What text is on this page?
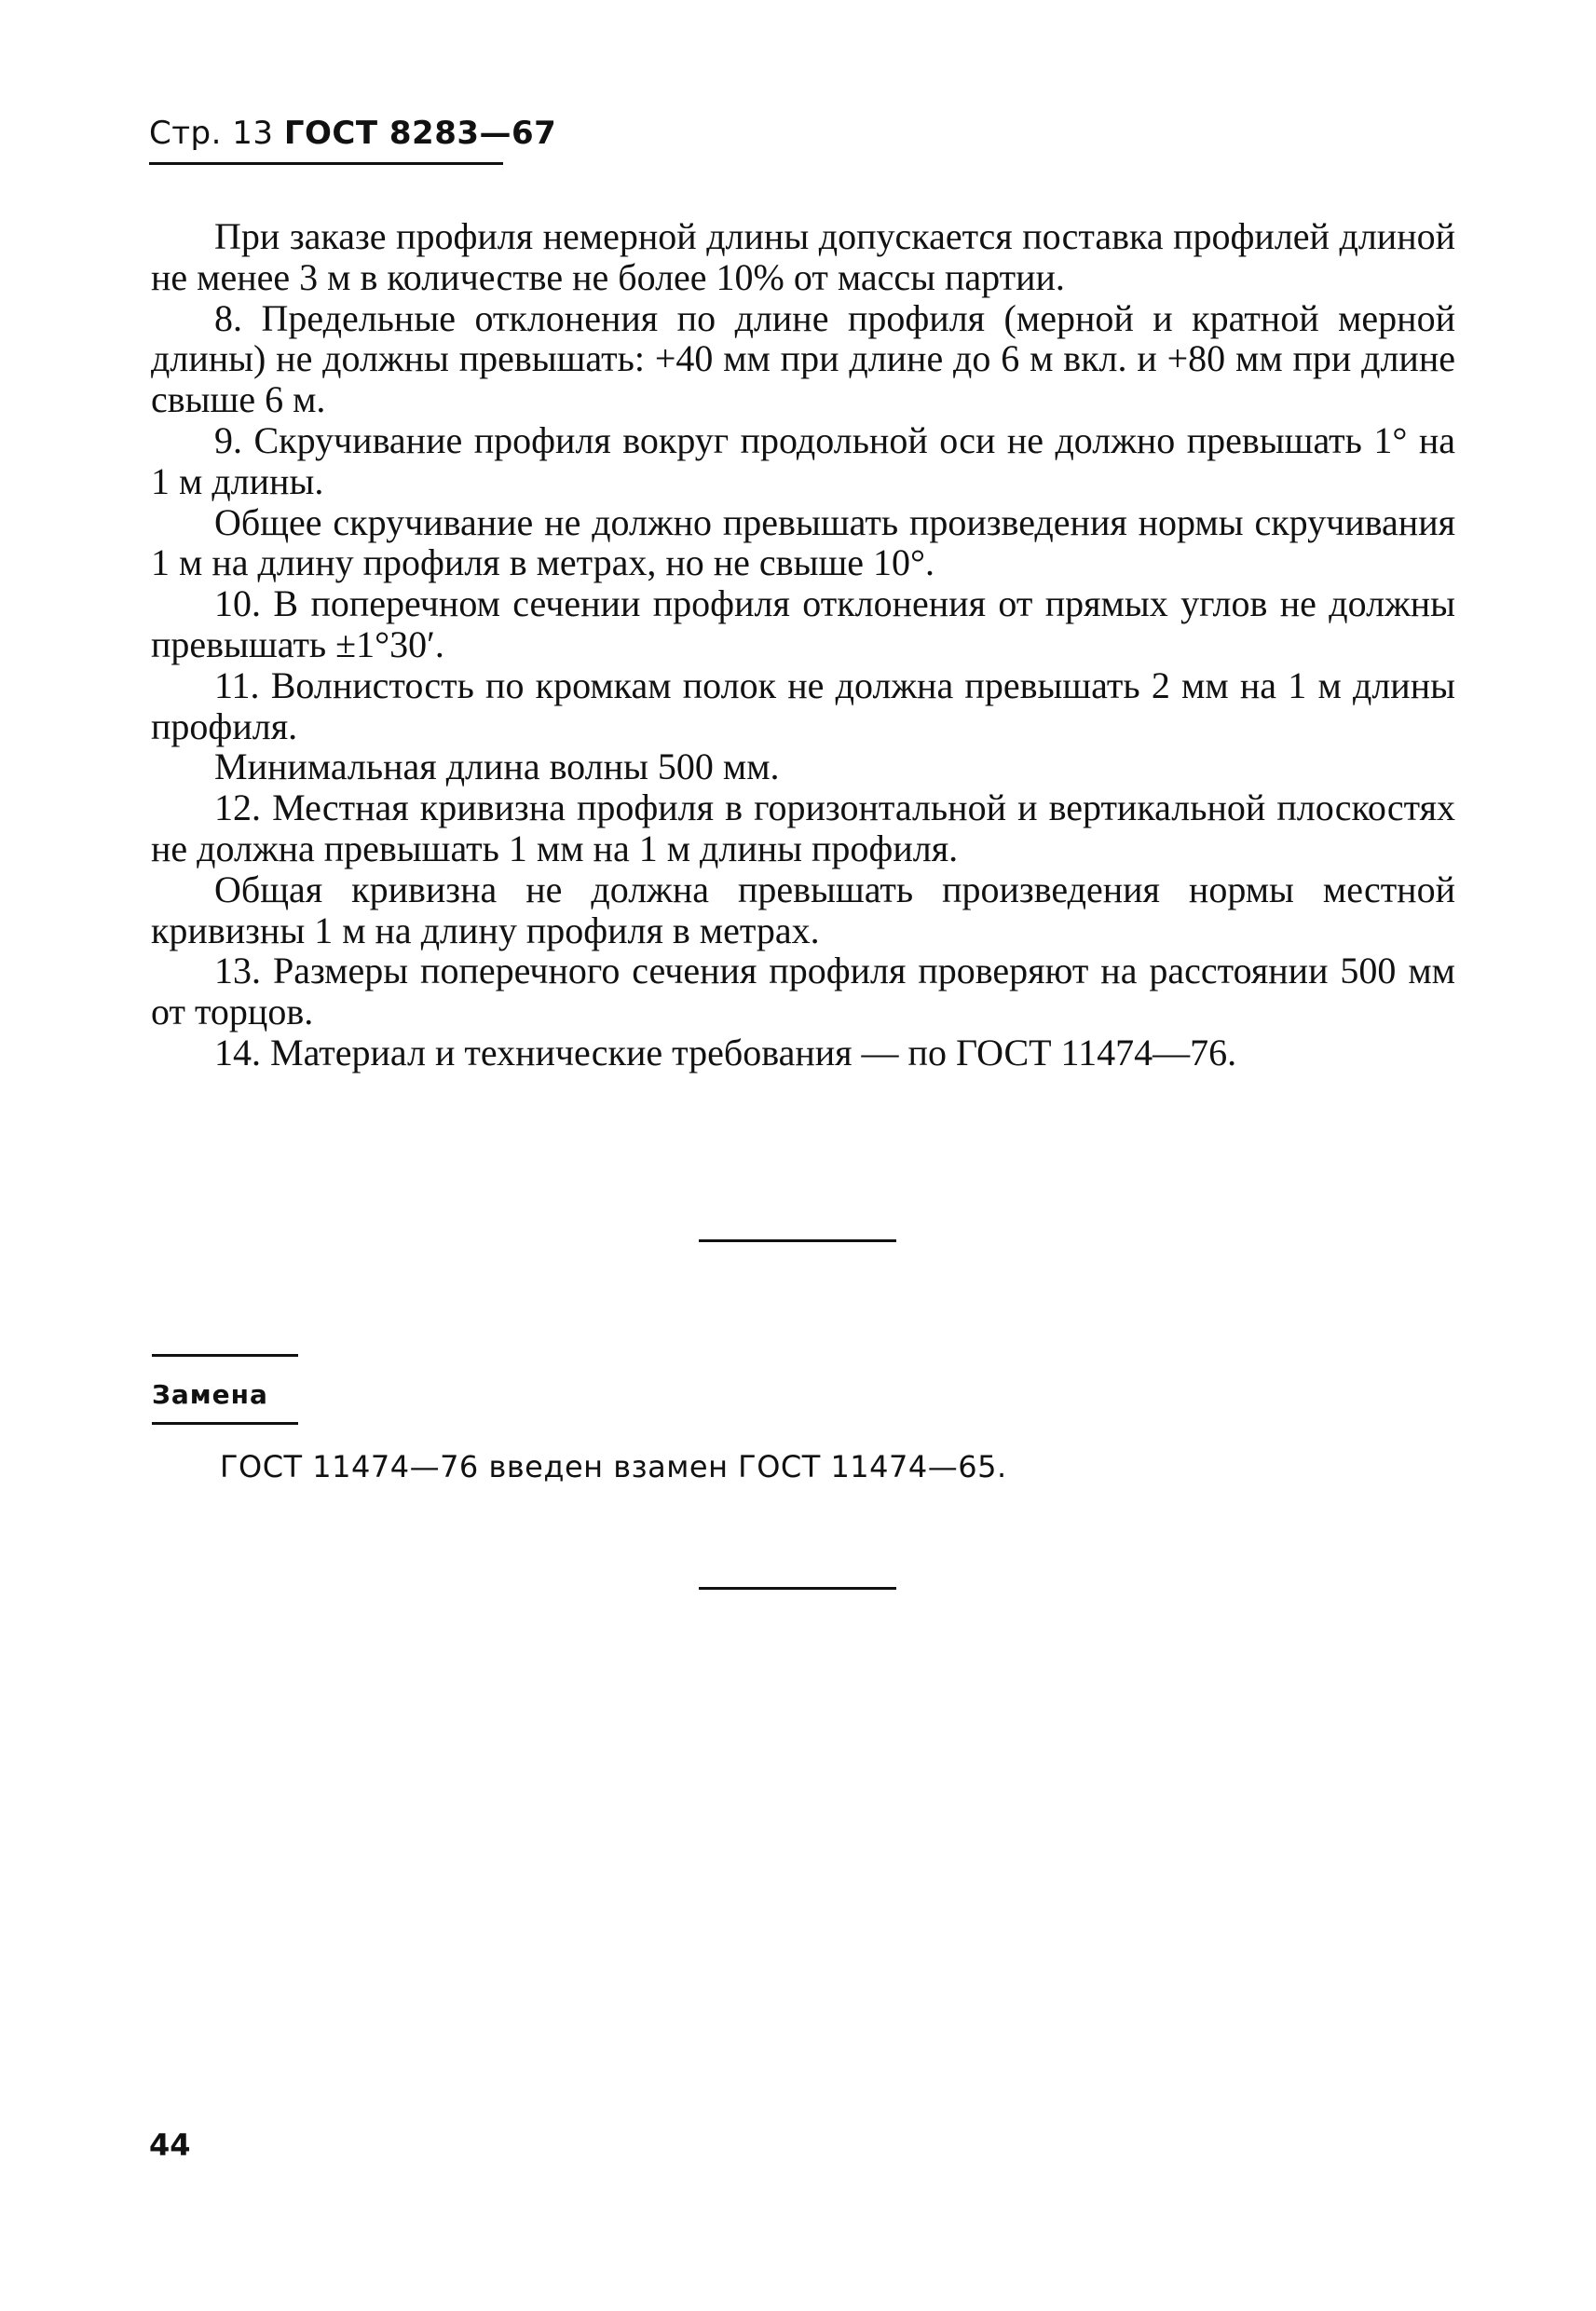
Стр. 13 ГОСТ 8283—67

При заказе профиля немерной длины допускается поставка профилей длиной не менее 3 м в количестве не более 10% от массы партии.

8. Предельные отклонения по длине профиля (мерной и кратной мерной длины) не должны превышать: +40 мм при длине до 6 м вкл. и +80 мм при длине свыше 6 м.

9. Скручивание профиля вокруг продольной оси не должно превышать 1° на 1 м длины.

Общее скручивание не должно превышать произведения нормы скручивания 1 м на длину профиля в метрах, но не свыше 10°.

10. В поперечном сечении профиля отклонения от прямых углов не должны превышать ±1°30′.

11. Волнистость по кромкам полок не должна превышать 2 мм на 1 м длины профиля.

Минимальная длина волны 500 мм.

12. Местная кривизна профиля в горизонтальной и вертикальной плоскостях не должна превышать 1 мм на 1 м длины профиля.

Общая кривизна не должна превышать произведения нормы местной кривизны 1 м на длину профиля в метрах.

13. Размеры поперечного сечения профиля проверяют на расстоянии 500 мм от торцов.

14. Материал и технические требования — по ГОСТ 11474—76.

Замена
ГОСТ 11474—76 введен взамен ГОСТ 11474—65.
44
